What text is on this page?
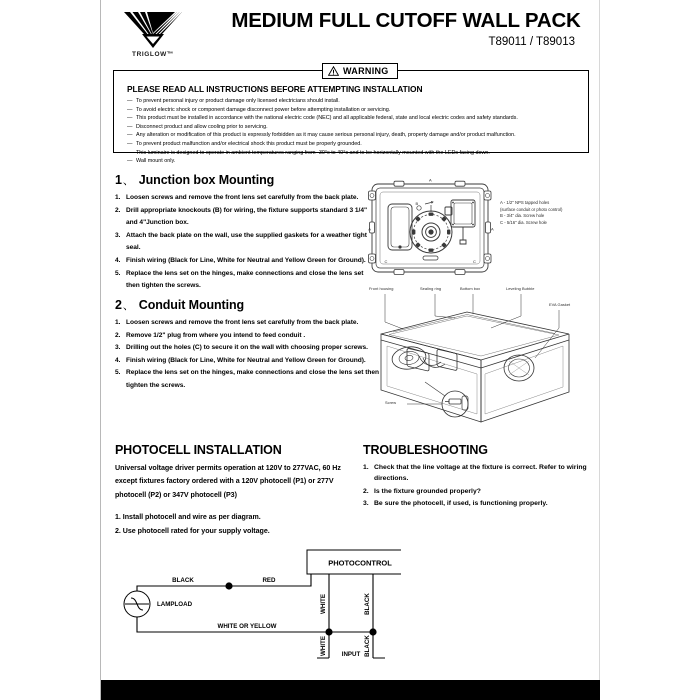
TRIGLOW™
MEDIUM FULL CUTOFF WALL PACK
T89011 / T89013
WARNING
PLEASE READ ALL INSTRUCTIONS BEFORE ATTEMPTING INSTALLATION
— To prevent personal injury or product damage only licensed electricians should install.
— To avoid electric shock or component damage disconnect power before attempting installation or servicing.
— This product must be installed in accordance with the national electric code (NEC) and all applicable federal, state and local electric codes and safety standards.
— Disconnect product and allow cooling prior to servicing.
— Any alteration or modification of this product is expressly forbidden as it may cause serious personal injury, death, property damage and/or product malfunction.
— To prevent product malfunction and/or electrical shock this product must be properly grounded.
— This luminaire is designed to operate in ambient temperatures ranging from -30°c to 40°c and to be horizontally mounted with the LEDs facing down.
— Wall mount only.
1、 Junction box Mounting
1. Loosen screws and remove the front lens set carefully from the back plate.
2. Drill appropriate knockouts (B) for wiring, the fixture supports standard 3 1/4" and 4"Junction box.
3. Attach the back plate on the wall, use the supplied gaskets for a weather tight seal.
4. Finish wiring (Black for Line, White for Neutral and Yellow Green for Ground).
5. Replace the lens set on the hinges, make connections and close the lens set then tighten the screws.
A
A	A
C	C
B	A - 1/2" NPS tapped holes
(surface conduit or photo control)
B - 3/4" dia. Screw hole
C - 5/16" dia. Screw hole
2、 Conduit Mounting
1. Loosen screws and remove the front lens set carefully from the back plate.
2. Remove 1/2" plug from where you intend to feed conduit .
3. Drilling out the holes (C) to secure it on the wall with choosing proper screws.
4. Finish wiring (Black for Line, White for Neutral and Yellow Green for Ground).
5. Replace the lens set on the hinges, make connections and close the lens set then tighten the screws.
Front housing	Sealing ring	Bottom box	Leveling Bubble
EVA Gasket
Screw
PHOTOCELL INSTALLATION
Universal voltage driver permits operation at 120V to 277VAC, 60 Hz except fixtures factory ordered with a 120V photocell (P1) or 277V photocell (P2) or 347V photocell (P3)
1. Install photocell and wire as per diagram.
2. Use photocell rated for your supply voltage.
TROUBLESHOOTING
1. Check that the line voltage at the fixture is correct. Refer to wiring directions.
2. Is the fixture grounded properly?
3. Be sure the photocell, if used, is functioning properly.
PHOTOCONTROL
BLACK	RED
LAMPLOAD
WHITE OR YELLOW
INPUT
WHITE	BLACK
WHITE	BLACK
